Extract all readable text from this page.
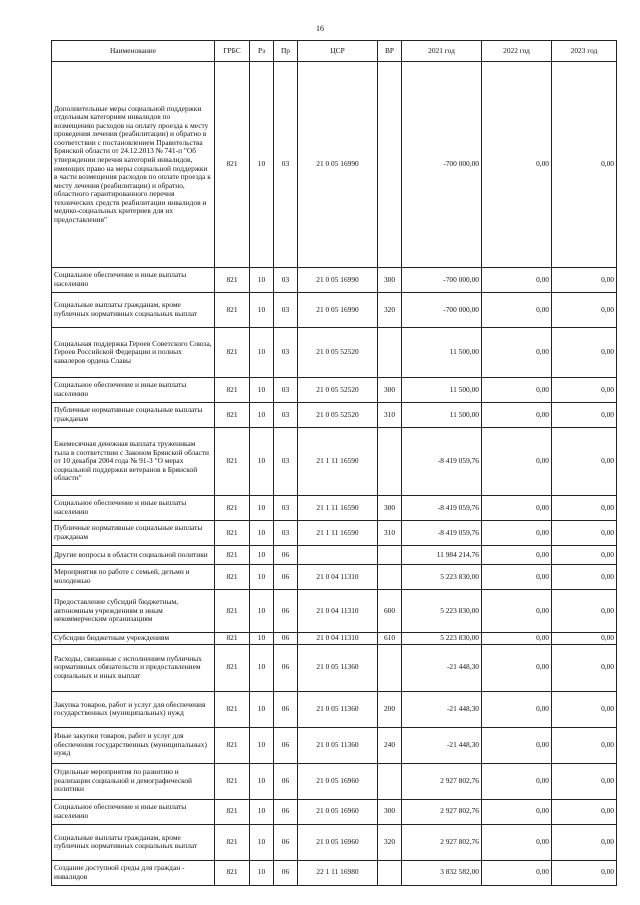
16
Наименование	ГРБС	Рз	Пр	ЦСР	ВР	2021 год	2022 год	2023 год
Дополнительные меры социальной поддержки отдельным категориям инвалидов по возмещению расходов на оплату проезда к месту проведения лечения (реабилитации) и обратно в соответствии с постановлением Правительства Брянской области от 24.12.2013 № 741-п "Об утверждении перечня категорий инвалидов, имеющих право на меры социальной поддержки в части возмещения расходов по оплате проезда к месту лечения (реабилитации) и обратно, областного гарантированного перечня технических средств реабилитации инвалидов и медико-социальных критериев для их предоставления"	821	10	03	21 0 05 16990		-700 000,00	0,00	0,00
Социальное обеспечение и иные выплаты населению	821	10	03	21 0 05 16990	300	-700 000,00	0,00	0,00
Социальные выплаты гражданам, кроме публичных нормативных социальных выплат	821	10	03	21 0 05 16990	320	-700 000,00	0,00	0,00
Социальная поддержка Героев Советского Союза, Героев Российской Федерации и полных кавалеров ордена Славы	821	10	03	21 0 05 52520		11 500,00	0,00	0,00
Социальное обеспечение и иные выплаты населению	821	10	03	21 0 05 52520	300	11 500,00	0,00	0,00
Публичные нормативные социальные выплаты гражданам	821	10	03	21 0 05 52520	310	11 500,00	0,00	0,00
Ежемесячная денежная выплата труженикам тыла в соответствии с Законом Брянской области от 10 декабря 2004 года № 91-З "О мерах социальной поддержки ветеранов в Брянской области"	821	10	03	21 1 11 16590		-8 419 059,76	0,00	0,00
Социальное обеспечение и иные выплаты населению	821	10	03	21 1 11 16590	300	-8 419 059,76	0,00	0,00
Публичные нормативные социальные выплаты гражданам	821	10	03	21 1 11 16590	310	-8 419 059,76	0,00	0,00
Другие вопросы в области социальной политики	821	10	06			11 984 214,76	0,00	0,00
Мероприятия по работе с семьей, детьми и молодежью	821	10	06	21 0 04 11310		5 223 830,00	0,00	0,00
Предоставление субсидий бюджетным, автономным учреждениям и иным некоммерческим организациям	821	10	06	21 0 04 11310	600	5 223 830,00	0,00	0,00
Субсидии бюджетным учреждениям	821	10	06	21 0 04 11310	610	5 223 830,00	0,00	0,00
Расходы, связанные с исполнением публичных нормативных обязательств и предоставлением социальных и иных выплат	821	10	06	21 0 05 11360		-21 448,30	0,00	0,00
Закупка товаров, работ и услуг для обеспечения государственных (муниципальных) нужд	821	10	06	21 0 05 11360	200	-21 448,30	0,00	0,00
Иные закупки товаров, работ и услуг для обеспечения государственных (муниципальных) нужд	821	10	06	21 0 05 11360	240	-21 448,30	0,00	0,00
Отдельные мероприятия по развитию и реализации социальной и демографической политики	821	10	06	21 0 05 16960		2 927 802,76	0,00	0,00
Социальное обеспечение и иные выплаты населению	821	10	06	21 0 05 16960	300	2 927 802,76	0,00	0,00
Социальные выплаты гражданам, кроме публичных нормативных социальных выплат	821	10	06	21 0 05 16960	320	2 927 802,76	0,00	0,00
Создание доступной среды для граждан - инвалидов	821	10	06	22 1 11 16980		3 832 582,00	0,00	0,00
